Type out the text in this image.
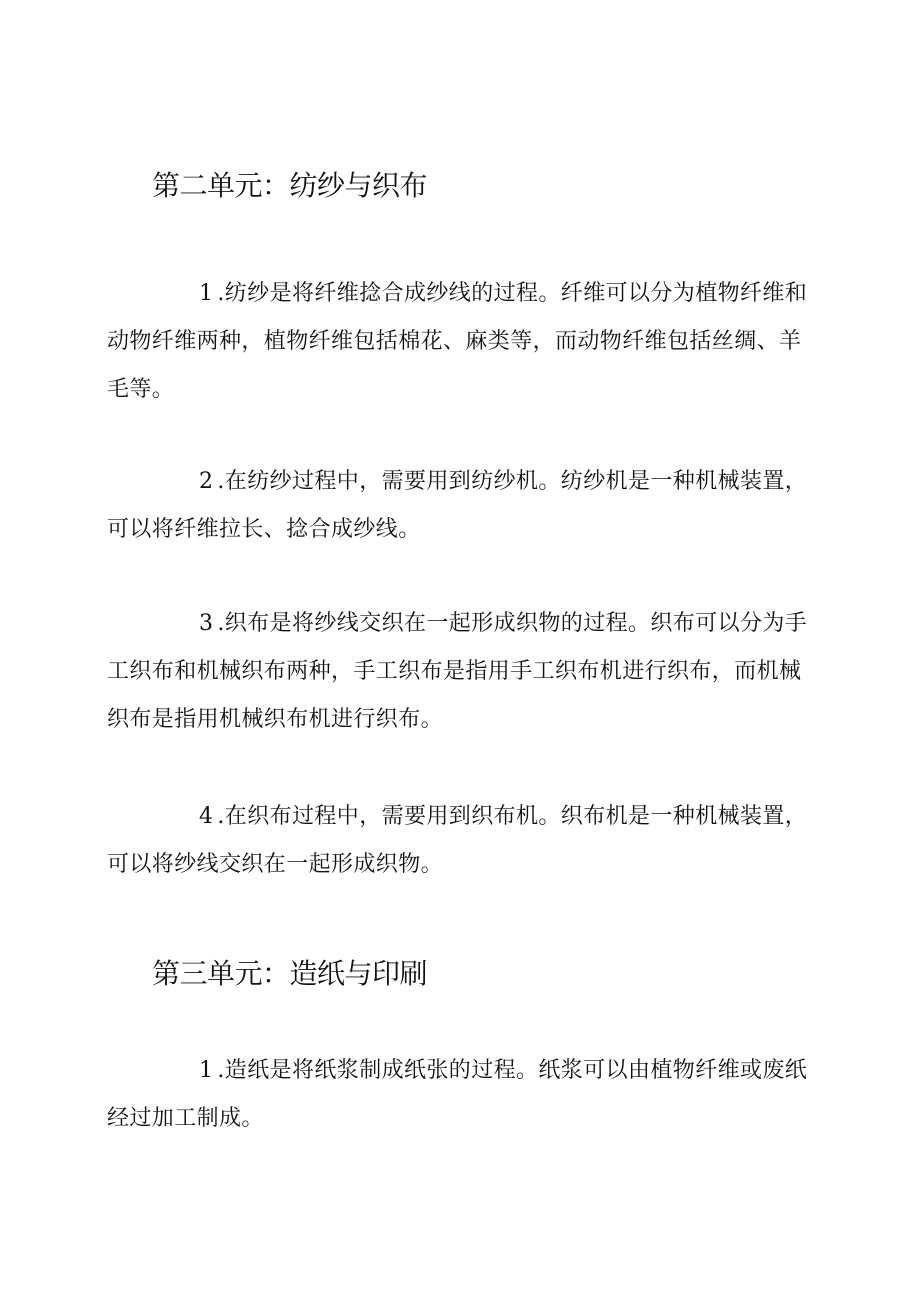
第二单元：纺纱与织布
1 .纺纱是将纤维捻合成纱线的过程。纤维可以分为植物纤维和动物纤维两种，植物纤维包括棉花、麻类等，而动物纤维包括丝绸、羊毛等。
2 .在纺纱过程中，需要用到纺纱机。纺纱机是一种机械装置，可以将纤维拉长、捻合成纱线。
3 .织布是将纱线交织在一起形成织物的过程。织布可以分为手工织布和机械织布两种，手工织布是指用手工织布机进行织布，而机械织布是指用机械织布机进行织布。
4 .在织布过程中，需要用到织布机。织布机是一种机械装置，可以将纱线交织在一起形成织物。
第三单元：造纸与印刷
1 .造纸是将纸浆制成纸张的过程。纸浆可以由植物纤维或废纸经过加工制成。
